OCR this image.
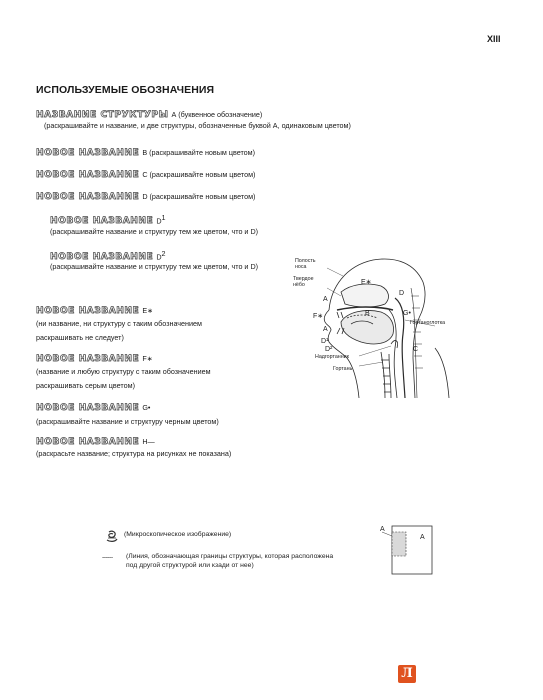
XIII
ИСПОЛЬЗУЕМЫЕ ОБОЗНАЧЕНИЯ
НАЗВАНИЕ СТРУКТУРЫ A (буквенное обозначение)
(раскрашивайте и название, и две структуры, обозначенные буквой A, одинаковым цветом)
НОВОЕ НАЗВАНИЕ B (раскрашивайте новым цветом)
НОВОЕ НАЗВАНИЕ C (раскрашивайте новым цветом)
НОВОЕ НАЗВАНИЕ D (раскрашивайте новым цветом)
НОВОЕ НАЗВАНИЕ $D^1$
(раскрашивайте название и структуру тем же цветом, что и D)
НОВОЕ НАЗВАНИЕ $D^2$
(раскрашивайте название и структуру тем же цветом, что и D)
НОВОЕ НАЗВАНИЕ E∗
(ни название, ни структуру с таким обозначением
раскрашивать не следует)
НОВОЕ НАЗВАНИЕ F∗
(название и любую структуру с таким обозначением
раскрашивать серым цветом)
НОВОЕ НАЗВАНИЕ G•
(раскрашивайте название и структуру черным цветом)
НОВОЕ НАЗВАНИЕ H—
(раскрасьте название; структура на рисунках не показана)
Полость
носа
Твердое
нёбо
Гортаноглотка
Надгортанник
Гортань
E∗
D
A
B
F∗
A
G•
D¹
D²	C
(Микроскопическое изображение)
------ (Линия, обозначающая границы структуры, которая расположена
под другой структурой или кзади от нее)
A
A
Л
